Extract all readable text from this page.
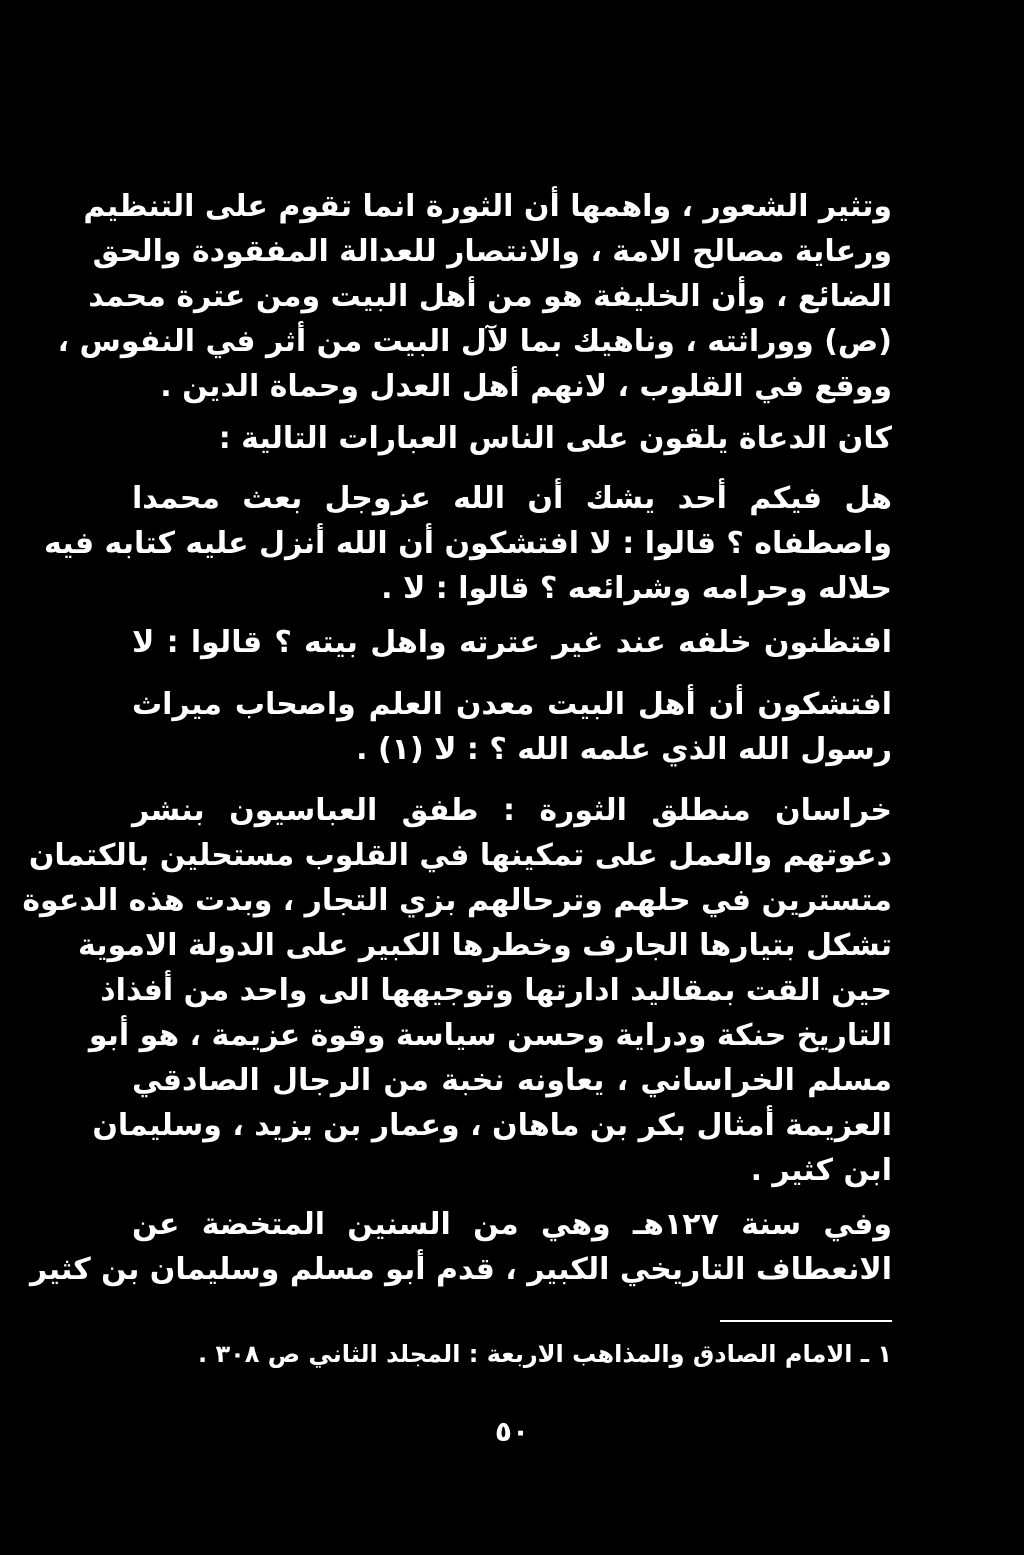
وتثير الشعور ، واهمها أن الثورة انما تقوم على التنظيم
ورعاية مصالح الامة ، والانتصار للعدالة المفقودة والحق
الضائع ، وأن الخليفة هو من أهل البيت ومن عترة محمد
(ص) ووراثته ، وناهيك بما لآل البيت من أثر في النفوس ،
ووقع في القلوب ، لانهم أهل العدل وحماة الدين .
كان الدعاة يلقون على الناس العبارات التالية :
هل فيكم أحد يشك أن الله عزوجل بعث محمدا
واصطفاه ؟ قالوا : لا افتشكون أن الله أنزل عليه كتابه فيه
حلاله وحرامه وشرائعه ؟ قالوا : لا .
افتظنون خلفه عند غير عترته واهل بيته ؟ قالوا : لا
افتشكون أن أهل البيت معدن العلم واصحاب ميراث
رسول الله الذي علمه الله ؟ : لا (١) .
خراسان منطلق الثورة : طفق العباسيون بنشر
دعوتهم والعمل على تمكينها في القلوب مستحلين بالكتمان
متسترين في حلهم وترحالهم بزي التجار ، وبدت هذه الدعوة
تشكل بتيارها الجارف وخطرها الكبير على الدولة الاموية
حين القت بمقاليد ادارتها وتوجيهها الى واحد من أفذاذ
التاريخ حنكة ودراية وحسن سياسة وقوة عزيمة ، هو أبو
مسلم الخراساني ، يعاونه نخبة من الرجال الصادقي
العزيمة أمثال بكر بن ماهان ، وعمار بن يزيد ، وسليمان
ابن كثير .
وفي سنة ١٢٧هـ وهي من السنين المتخضة عن
الانعطاف التاريخي الكبير ، قدم أبو مسلم وسليمان بن كثير
١ ـ الامام الصادق والمذاهب الاربعة : المجلد الثاني ص ٣٠٨ .
٥٠
